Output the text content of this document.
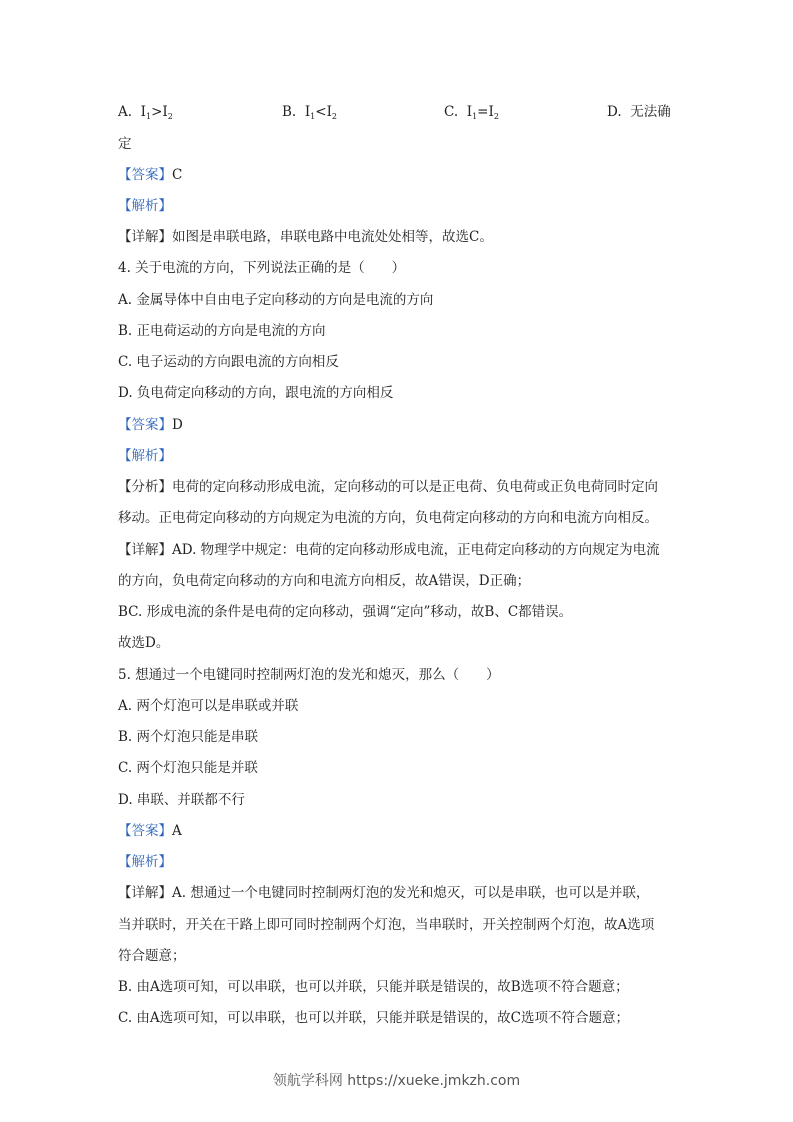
A. $I_1>I_2$	B. $I_1<I_2$	C. $I_1=I_2$	D. 无法确
定
【答案】C
【解析】
【详解】如图是串联电路，串联电路中电流处处相等，故选C。
4. 关于电流的方向，下列说法正确的是（　　）
A. 金属导体中自由电子定向移动的方向是电流的方向
B. 正电荷运动的方向是电流的方向
C. 电子运动的方向跟电流的方向相反
D. 负电荷定向移动的方向，跟电流的方向相反
【答案】D
【解析】
【分析】电荷的定向移动形成电流，定向移动的可以是正电荷、负电荷或正负电荷同时定向
移动。正电荷定向移动的方向规定为电流的方向，负电荷定向移动的方向和电流方向相反。
【详解】AD. 物理学中规定：电荷的定向移动形成电流，正电荷定向移动的方向规定为电流
的方向，负电荷定向移动的方向和电流方向相反，故A错误，D正确；
BC. 形成电流的条件是电荷的定向移动，强调“定向”移动，故B、C都错误。
故选D。
5. 想通过一个电键同时控制两灯泡的发光和熄灭，那么（　　）
A. 两个灯泡可以是串联或并联
B. 两个灯泡只能是串联
C. 两个灯泡只能是并联
D. 串联、并联都不行
【答案】A
【解析】
【详解】A. 想通过一个电键同时控制两灯泡的发光和熄灭，可以是串联，也可以是并联，
当并联时，开关在干路上即可同时控制两个灯泡，当串联时，开关控制两个灯泡，故A选项
符合题意；
B. 由A选项可知，可以串联，也可以并联，只能并联是错误的，故B选项不符合题意；
C. 由A选项可知，可以串联，也可以并联，只能并联是错误的，故C选项不符合题意；
领航学科网 https://xueke.jmkzh.com
